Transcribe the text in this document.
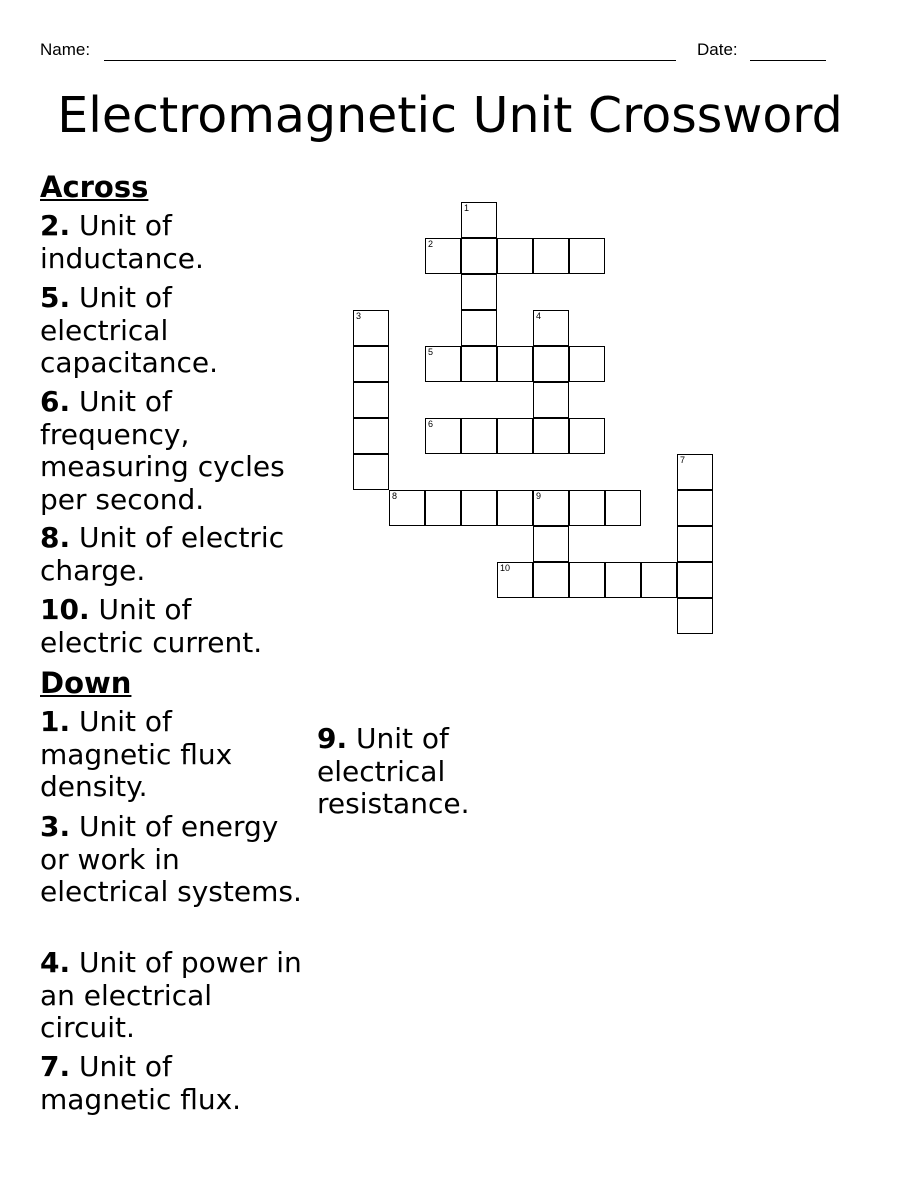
Name:	Date:
Electromagnetic Unit Crossword
Across
2. Unit of inductance.
5. Unit of electrical capacitance.
6. Unit of frequency, measuring cycles per second.
8. Unit of electric charge.
10. Unit of electric current.
Down
1. Unit of magnetic flux density.
3. Unit of energy or work in electrical systems.
4. Unit of power in an electrical circuit.
7. Unit of magnetic flux.
9. Unit of electrical resistance.
1
2
3	4
5
6
7
8	9
10
